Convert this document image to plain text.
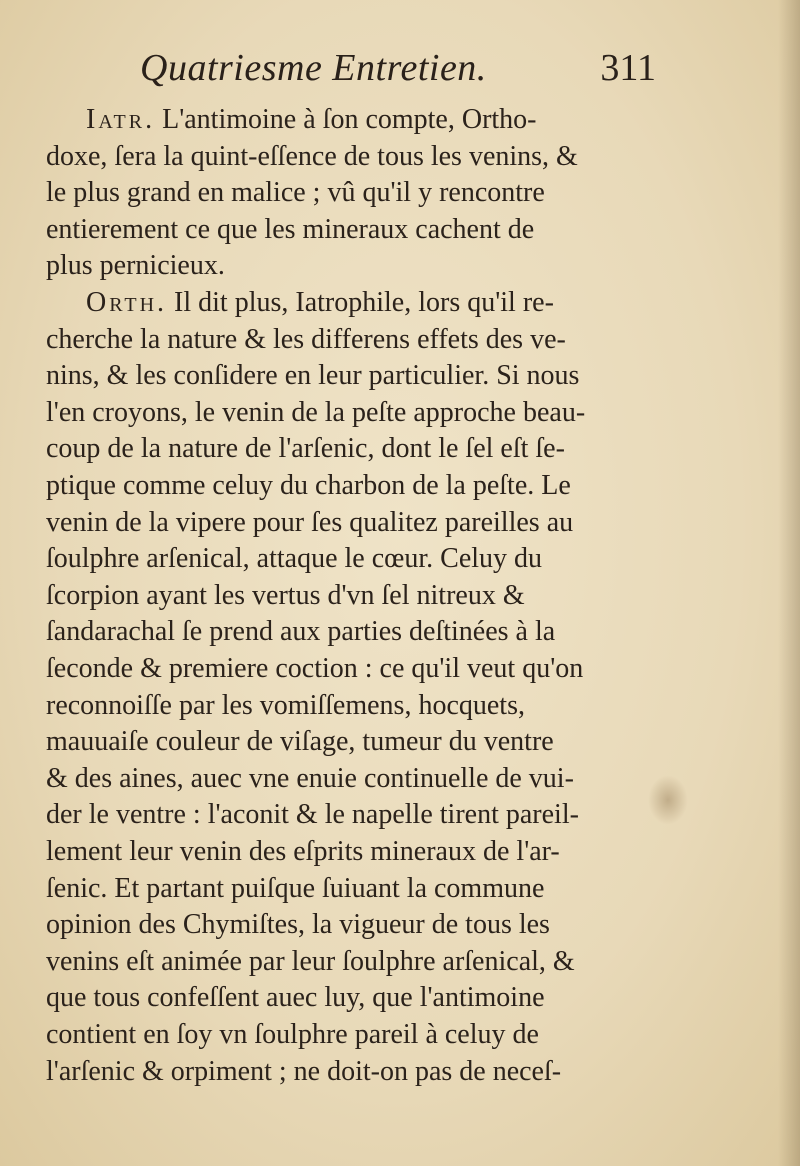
Quatriesme Entretien.	311
Iatr. L'antimoine à ſon compte, Ortho-
doxe, ſera la quint-eſſence de tous les venins, &
le plus grand en malice ; vû qu'il y rencontre
entierement ce que les mineraux cachent de
plus pernicieux.
Orth. Il dit plus, Iatrophile, lors qu'il re-
cherche la nature & les differens effets des ve-
nins, & les conſidere en leur particulier. Si nous
l'en croyons, le venin de la peſte approche beau-
coup de la nature de l'arſenic, dont le ſel eſt ſe-
ptique comme celuy du charbon de la peſte. Le
venin de la vipere pour ſes qualitez pareilles au
ſoulphre arſenical, attaque le cœur. Celuy du
ſcorpion ayant les vertus d'vn ſel nitreux &
ſandarachal ſe prend aux parties deſtinées à la
ſeconde & premiere coction : ce qu'il veut qu'on
reconnoiſſe par les vomiſſemens, hocquets,
mauuaiſe couleur de viſage, tumeur du ventre
& des aines, auec vne enuie continuelle de vui-
der le ventre : l'aconit & le napelle tirent pareil-
lement leur venin des eſprits mineraux de l'ar-
ſenic. Et partant puiſque ſuiuant la commune
opinion des Chymiſtes, la vigueur de tous les
venins eſt animée par leur ſoulphre arſenical, &
que tous confeſſent auec luy, que l'antimoine
contient en ſoy vn ſoulphre pareil à celuy de
l'arſenic & orpiment ; ne doit-on pas de neceſ-
